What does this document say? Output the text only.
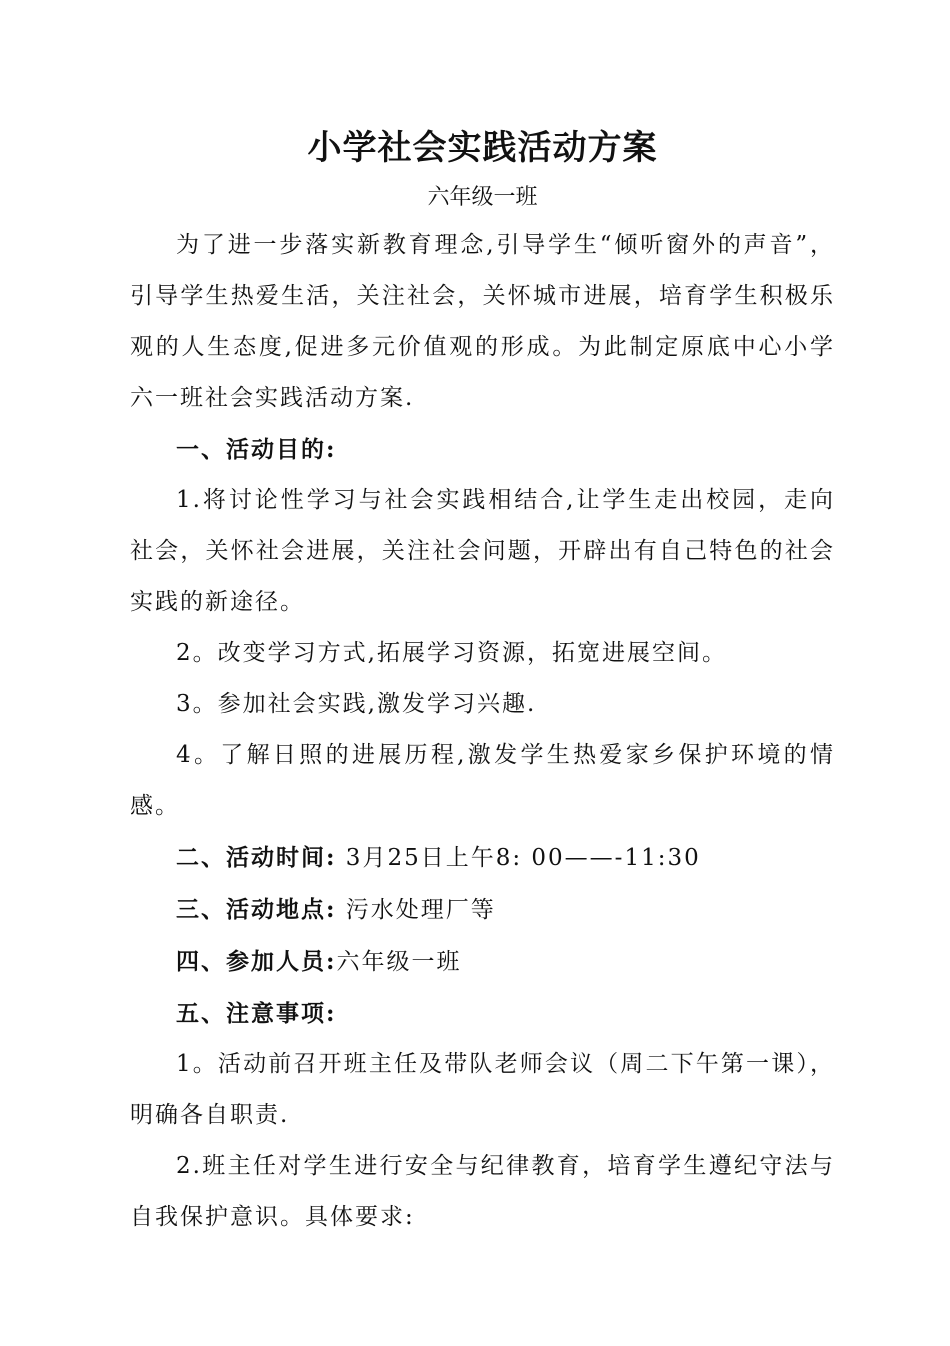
小学社会实践活动方案

六年级一班

为了进一步落实新教育理念,引导学生“倾听窗外的声音”，引导学生热爱生活，关注社会，关怀城市进展，培育学生积极乐观的人生态度,促进多元价值观的形成。为此制定原底中心小学六一班社会实践活动方案.

一、活动目的:

1.将讨论性学习与社会实践相结合,让学生走出校园，走向社会，关怀社会进展，关注社会问题，开辟出有自己特色的社会实践的新途径。

2。改变学习方式,拓展学习资源，拓宽进展空间。

3。参加社会实践,激发学习兴趣.

4。了解日照的进展历程,激发学生热爱家乡保护环境的情感。

二、活动时间: 3月25日上午8: 00——-11:30

三、活动地点: 污水处理厂等

四、参加人员:六年级一班

五、注意事项:

1。活动前召开班主任及带队老师会议（周二下午第一课），明确各自职责.

2.班主任对学生进行安全与纪律教育，培育学生遵纪守法与自我保护意识。具体要求:
